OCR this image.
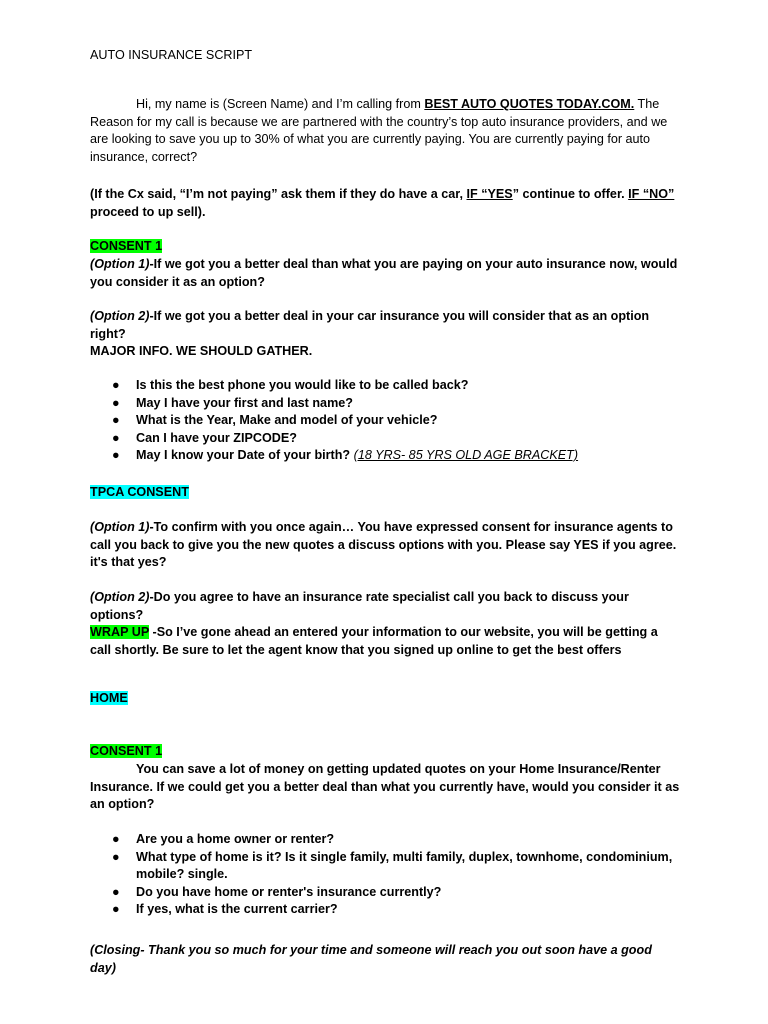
AUTO INSURANCE SCRIPT

Hi, my name is (Screen Name) and I’m calling from BEST AUTO QUOTES TODAY.COM. The Reason for my call is because we are partnered with the country’s top auto insurance providers, and we are looking to save you up to 30% of what you are currently paying. You are currently paying for auto insurance, correct?

(If the Cx said, “I’m not paying” ask them if they do have a car, IF “YES” continue to offer. IF “NO” proceed to up sell).

CONSENT 1

(Option 1)-If we got you a better deal than what you are paying on your auto insurance now, would you consider it as an option?

(Option 2)-If we got you a better deal in your car insurance you will consider that as an option right?

MAJOR INFO. WE SHOULD GATHER.

● Is this the best phone you would like to be called back?
● May I have your first and last name?
● What is the Year, Make and model of your vehicle?
● Can I have your ZIPCODE?
● May I know your Date of your birth? (18 YRS- 85 YRS OLD AGE BRACKET)

TPCA CONSENT

(Option 1)-To confirm with you once again… You have expressed consent for insurance agents to call you back to give you the new quotes a discuss options with you. Please say YES if you agree. it's that yes?

(Option 2)-Do you agree to have an insurance rate specialist call you back to discuss your options?

WRAP UP -So I’ve gone ahead an entered your information to our website, you will be getting a call shortly. Be sure to let the agent know that you signed up online to get the best offers

HOME

CONSENT 1

You can save a lot of money on getting updated quotes on your Home Insurance/Renter Insurance. If we could get you a better deal than what you currently have, would you consider it as an option?

● Are you a home owner or renter?
● What type of home is it? Is it single family, multi family, duplex, townhome, condominium, mobile? single.
● Do you have home or renter's insurance currently?
● If yes, what is the current carrier?

(Closing- Thank you so much for your time and someone will reach you out soon have a good day)
